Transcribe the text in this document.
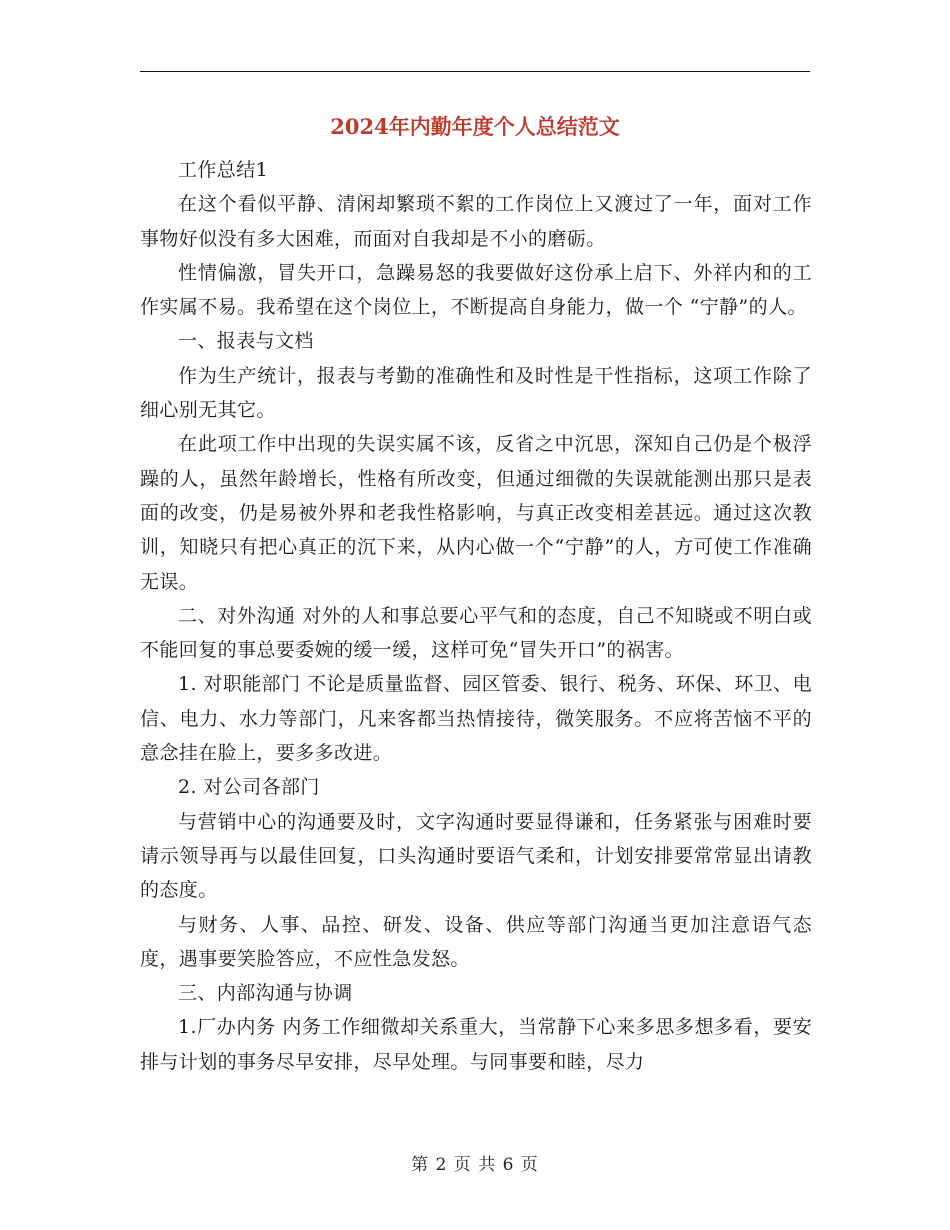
2024年内勤年度个人总结范文

工作总结1

在这个看似平静、清闲却繁琐不絮的工作岗位上又渡过了一年，面对工作事物好似没有多大困难，而面对自我却是不小的磨砺。

性情偏激，冒失开口，急躁易怒的我要做好这份承上启下、外祥内和的工作实属不易。我希望在这个岗位上，不断提高自身能力，做一个 “宁静”的人。

一、报表与文档

作为生产统计，报表与考勤的准确性和及时性是干性指标，这项工作除了细心别无其它。

在此项工作中出现的失误实属不该，反省之中沉思，深知自己仍是个极浮躁的人，虽然年龄增长，性格有所改变，但通过细微的失误就能测出那只是表面的改变，仍是易被外界和老我性格影响，与真正改变相差甚远。通过这次教训，知晓只有把心真正的沉下来，从内心做一个“宁静”的人，方可使工作准确无误。

二、对外沟通 对外的人和事总要心平气和的态度，自己不知晓或不明白或不能回复的事总要委婉的缓一缓，这样可免“冒失开口”的祸害。

1. 对职能部门 不论是质量监督、园区管委、银行、税务、环保、环卫、电信、电力、水力等部门，凡来客都当热情接待，微笑服务。不应将苦恼不平的意念挂在脸上，要多多改进。

2. 对公司各部门

与营销中心的沟通要及时，文字沟通时要显得谦和，任务紧张与困难时要请示领导再与以最佳回复，口头沟通时要语气柔和，计划安排要常常显出请教的态度。

与财务、人事、品控、研发、设备、供应等部门沟通当更加注意语气态度，遇事要笑脸答应，不应性急发怒。

三、内部沟通与协调

1.厂办内务 内务工作细微却关系重大，当常静下心来多思多想多看，要安排与计划的事务尽早安排，尽早处理。与同事要和睦，尽力

第 2 页 共 6 页
